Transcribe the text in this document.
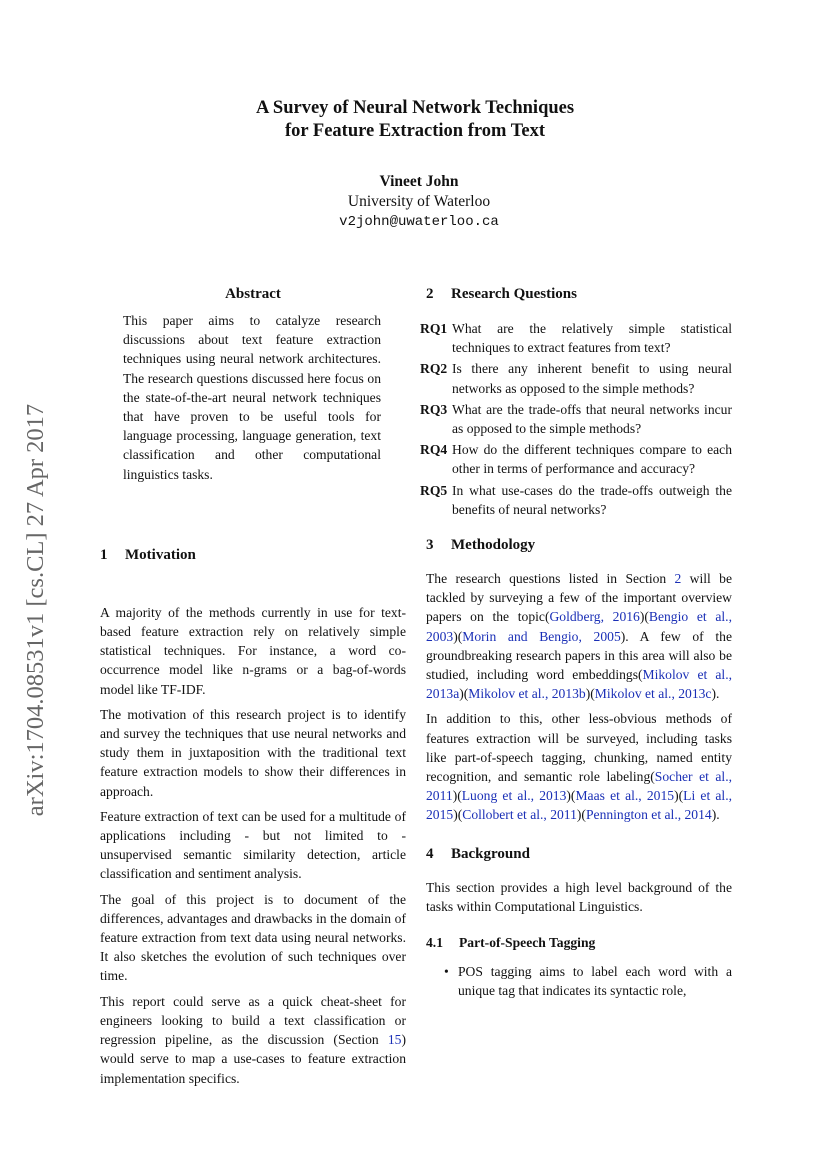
arXiv:1704.08531v1 [cs.CL] 27 Apr 2017
A Survey of Neural Network Techniques
for Feature Extraction from Text
Vineet John
University of Waterloo
v2john@uwaterloo.ca
Abstract
This paper aims to catalyze research discussions about text feature extraction techniques using neural network architectures. The research questions discussed here focus on the state-of-the-art neural network techniques that have proven to be useful tools for language processing, language generation, text classification and other computational linguistics tasks.
1 Motivation

A majority of the methods currently in use for text-based feature extraction rely on relatively simple statistical techniques. For instance, a word co-occurrence model like n-grams or a bag-of-words model like TF-IDF.

The motivation of this research project is to identify and survey the techniques that use neural networks and study them in juxtaposition with the traditional text feature extraction models to show their differences in approach.

Feature extraction of text can be used for a multitude of applications including - but not limited to - unsupervised semantic similarity detection, article classification and sentiment analysis.

The goal of this project is to document of the differences, advantages and drawbacks in the domain of feature extraction from text data using neural networks. It also sketches the evolution of such techniques over time.

This report could serve as a quick cheat-sheet for engineers looking to build a text classification or regression pipeline, as the discussion (Section 15) would serve to map a use-cases to feature extraction implementation specifics.

2 Research Questions
RQ1 What are the relatively simple statistical techniques to extract features from text?
RQ2 Is there any inherent benefit to using neural networks as opposed to the simple methods?
RQ3 What are the trade-offs that neural networks incur as opposed to the simple methods?
RQ4 How do the different techniques compare to each other in terms of performance and accuracy?
RQ5 In what use-cases do the trade-offs outweigh the benefits of neural networks?
3 Methodology

The research questions listed in Section 2 will be tackled by surveying a few of the important overview papers on the topic(Goldberg, 2016)(Bengio et al., 2003)(Morin and Bengio, 2005). A few of the groundbreaking research papers in this area will also be studied, including word embeddings(Mikolov et al., 2013a)(Mikolov et al., 2013b)(Mikolov et al., 2013c).

In addition to this, other less-obvious methods of features extraction will be surveyed, including tasks like part-of-speech tagging, chunking, named entity recognition, and semantic role labeling(Socher et al., 2011)(Luong et al., 2013)(Maas et al., 2015)(Li et al., 2015)(Collobert et al., 2011)(Pennington et al., 2014).

4 Background

This section provides a high level background of the tasks within Computational Linguistics.

4.1 Part-of-Speech Tagging
• POS tagging aims to label each word with a unique tag that indicates its syntactic role,
